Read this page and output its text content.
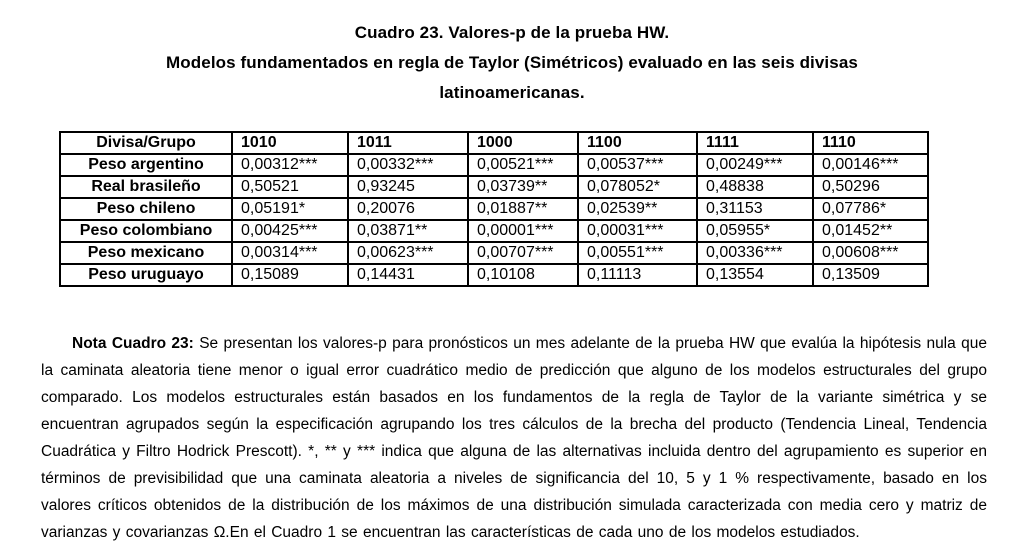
Cuadro 23. Valores-p de la prueba HW.
Modelos fundamentados en regla de Taylor (Simétricos) evaluado en las seis divisas
latinoamericanas.
Divisa/Grupo	1010	1011	1000	1100	1111	1110
Peso argentino	0,00312***	0,00332***	0,00521***	0,00537***	0,00249***	0,00146***
Real brasileño	0,50521	0,93245	0,03739**	0,078052*	0,48838	0,50296
Peso chileno	0,05191*	0,20076	0,01887**	0,02539**	0,31153	0,07786*
Peso colombiano	0,00425***	0,03871**	0,00001***	0,00031***	0,05955*	0,01452**
Peso mexicano	0,00314***	0,00623***	0,00707***	0,00551***	0,00336***	0,00608***
Peso uruguayo	0,15089	0,14431	0,10108	0,11113	0,13554	0,13509

Nota Cuadro 23: Se presentan los valores-p para pronósticos un mes adelante de la prueba HW que evalúa la hipótesis nula que la caminata aleatoria tiene menor o igual error cuadrático medio de predicción que alguno de los modelos estructurales del grupo comparado. Los modelos estructurales están basados en los fundamentos de la regla de Taylor de la variante simétrica y se encuentran agrupados según la especificación agrupando los tres cálculos de la brecha del producto (Tendencia Lineal, Tendencia Cuadrática y Filtro Hodrick Prescott). *, ** y *** indica que alguna de las alternativas incluida dentro del agrupamiento es superior en términos de previsibilidad que una caminata aleatoria a niveles de significancia del 10, 5 y 1 % respectivamente, basado en los valores críticos obtenidos de la distribución de los máximos de una distribución simulada caracterizada con media cero y matriz de varianzas y covarianzas Ω.En el Cuadro 1 se encuentran las características de cada uno de los modelos estudiados.
